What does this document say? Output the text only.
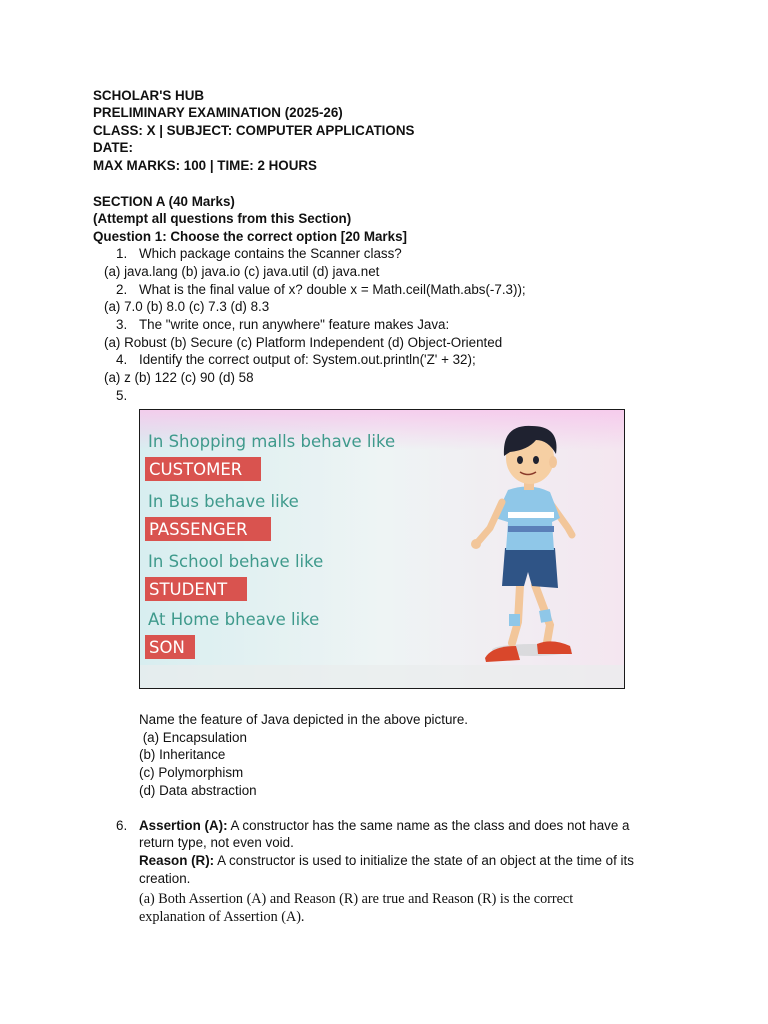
SCHOLAR'S HUB
PRELIMINARY EXAMINATION (2025-26)
CLASS: X | SUBJECT: COMPUTER APPLICATIONS
DATE:
MAX MARKS: 100 | TIME: 2 HOURS
SECTION A (40 Marks)
(Attempt all questions from this Section)
Question 1: Choose the correct option [20 Marks]
1. Which package contains the Scanner class?
(a) java.lang (b) java.io (c) java.util (d) java.net
2. What is the final value of x? double x = Math.ceil(Math.abs(-7.3));
(a) 7.0 (b) 8.0 (c) 7.3 (d) 8.3
3. The "write once, run anywhere" feature makes Java:
(a) Robust (b) Secure (c) Platform Independent (d) Object-Oriented
4. Identify the correct output of: System.out.println('Z' + 32);
(a) z (b) 122 (c) 90 (d) 58
5.
In Shopping malls behave like
CUSTOMER
In Bus behave like
PASSENGER
In School behave like
STUDENT
At Home bheave like
SON
Name the feature of Java depicted in the above picture.
(a) Encapsulation
(b) Inheritance
(c) Polymorphism
(d) Data abstraction
6. Assertion (A): A constructor has the same name as the class and does not have a
return type, not even void.
Reason (R): A constructor is used to initialize the state of an object at the time of its
creation.
(a) Both Assertion (A) and Reason (R) are true and Reason (R) is the correct
explanation of Assertion (A).
